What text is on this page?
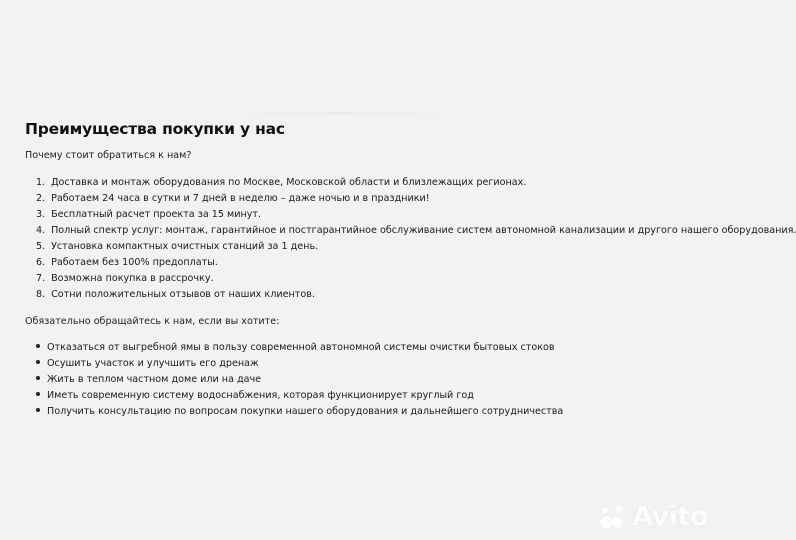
Преимущества покупки у нас

Почему стоит обратиться к нам?

1. Доставка и монтаж оборудования по Москве, Московской области и близлежащих регионах.
2. Работаем 24 часа в сутки и 7 дней в неделю – даже ночью и в праздники!
3. Бесплатный расчет проекта за 15 минут.
4. Полный спектр услуг: монтаж, гарантийное и постгарантийное обслуживание систем автономной канализации и другого нашего оборудования.
5. Установка компактных очистных станций за 1 день.
6. Работаем без 100% предоплаты.
7. Возможна покупка в рассрочку.
8. Сотни положительных отзывов от наших клиентов.

Обязательно обращайтесь к нам, если вы хотите:

Отказаться от выгребной ямы в пользу современной автономной системы очистки бытовых стоков
Осушить участок и улучшить его дренаж
Жить в теплом частном доме или на даче
Иметь современную систему водоснабжения, которая функционирует круглый год
Получить консультацию по вопросам покупки нашего оборудования и дальнейшего сотрудничества
Avito
